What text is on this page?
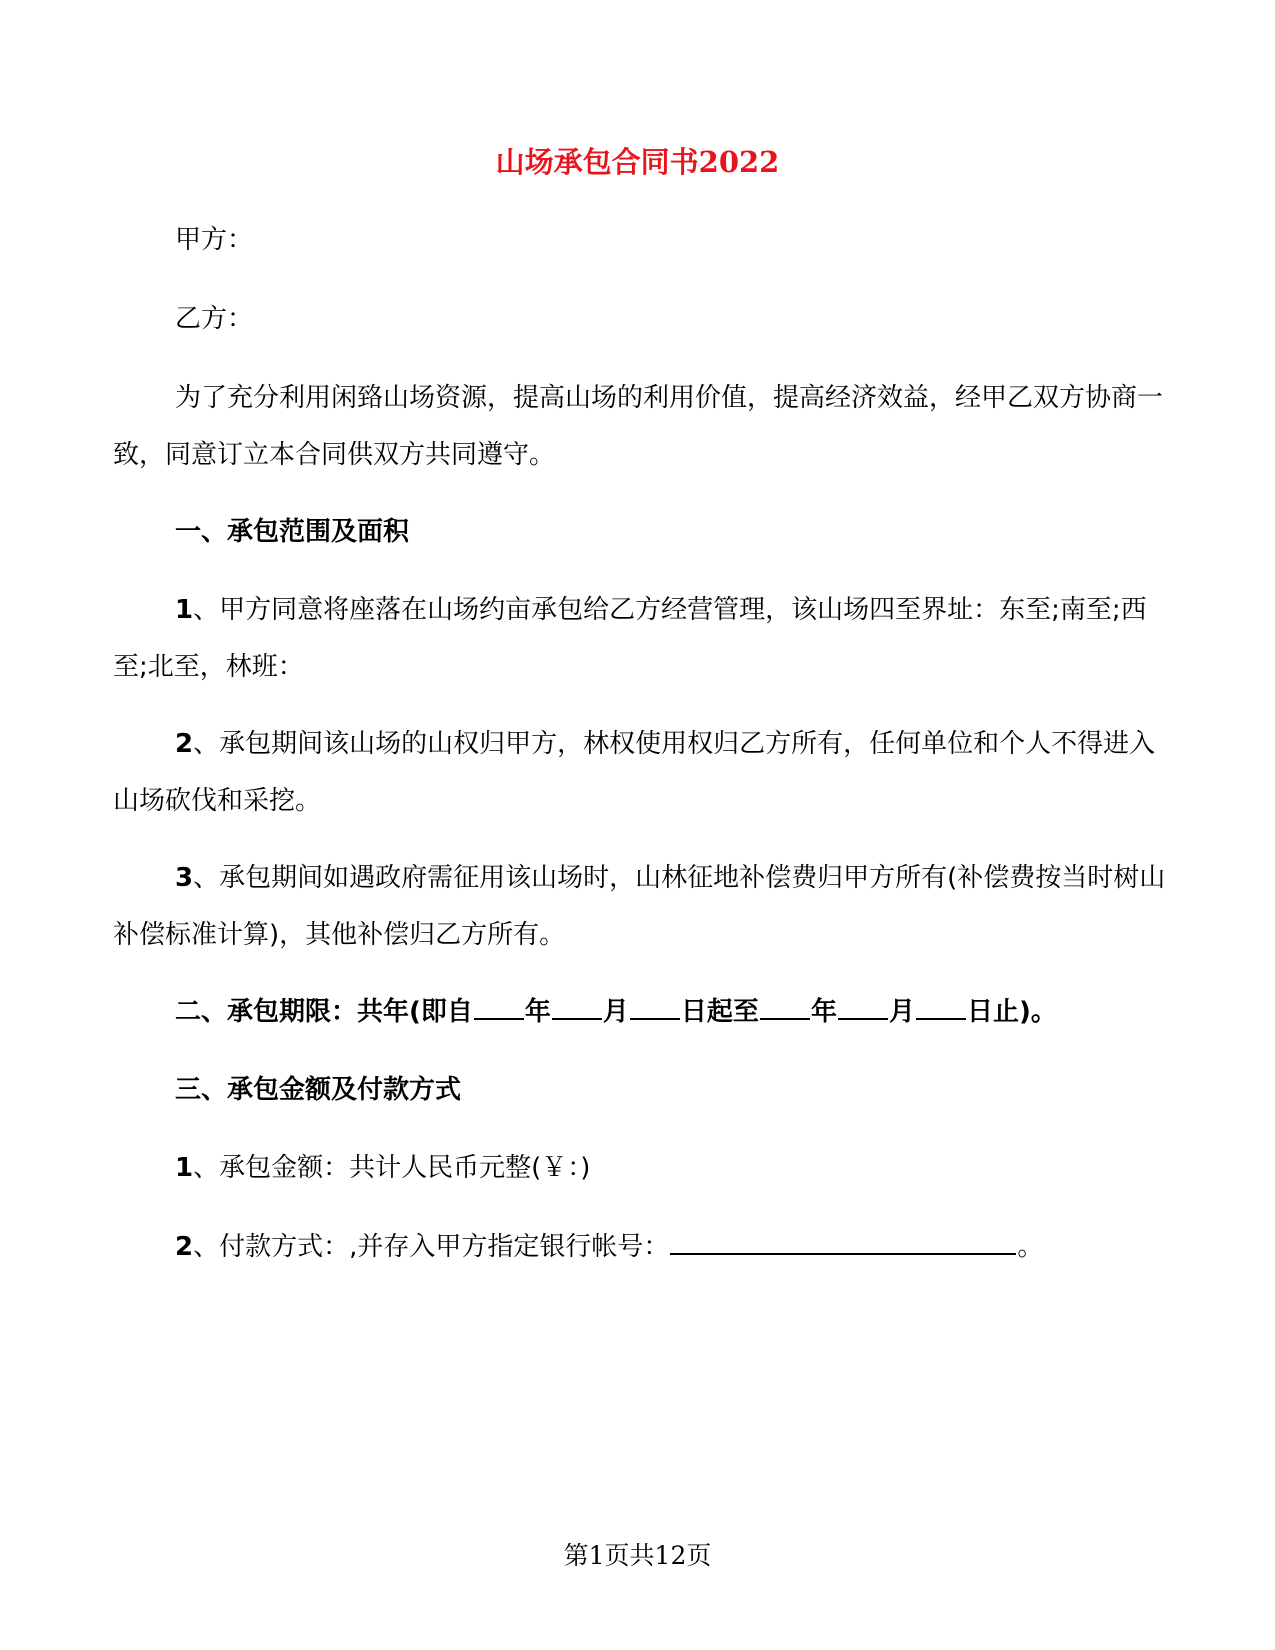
山场承包合同书2022

甲方：

乙方：

为了充分利用闲臵山场资源，提高山场的利用价值，提高经济效益，经甲乙双方协商一致，同意订立本合同供双方共同遵守。

一、承包范围及面积

1、甲方同意将座落在山场约亩承包给乙方经营管理，该山场四至界址：东至;南至;西至;北至，林班：

2、承包期间该山场的山权归甲方，林权使用权归乙方所有，任何单位和个人不得进入山场砍伐和采挖。

3、承包期间如遇政府需征用该山场时，山林征地补偿费归甲方所有(补偿费按当时树山补偿标准计算)，其他补偿归乙方所有。

二、承包期限：共年(即自 年 月 日起至 年 月 日止)。

三、承包金额及付款方式

1、承包金额：共计人民币元整(￥：)

2、付款方式：,并存入甲方指定银行帐号：	。

第1页共12页
